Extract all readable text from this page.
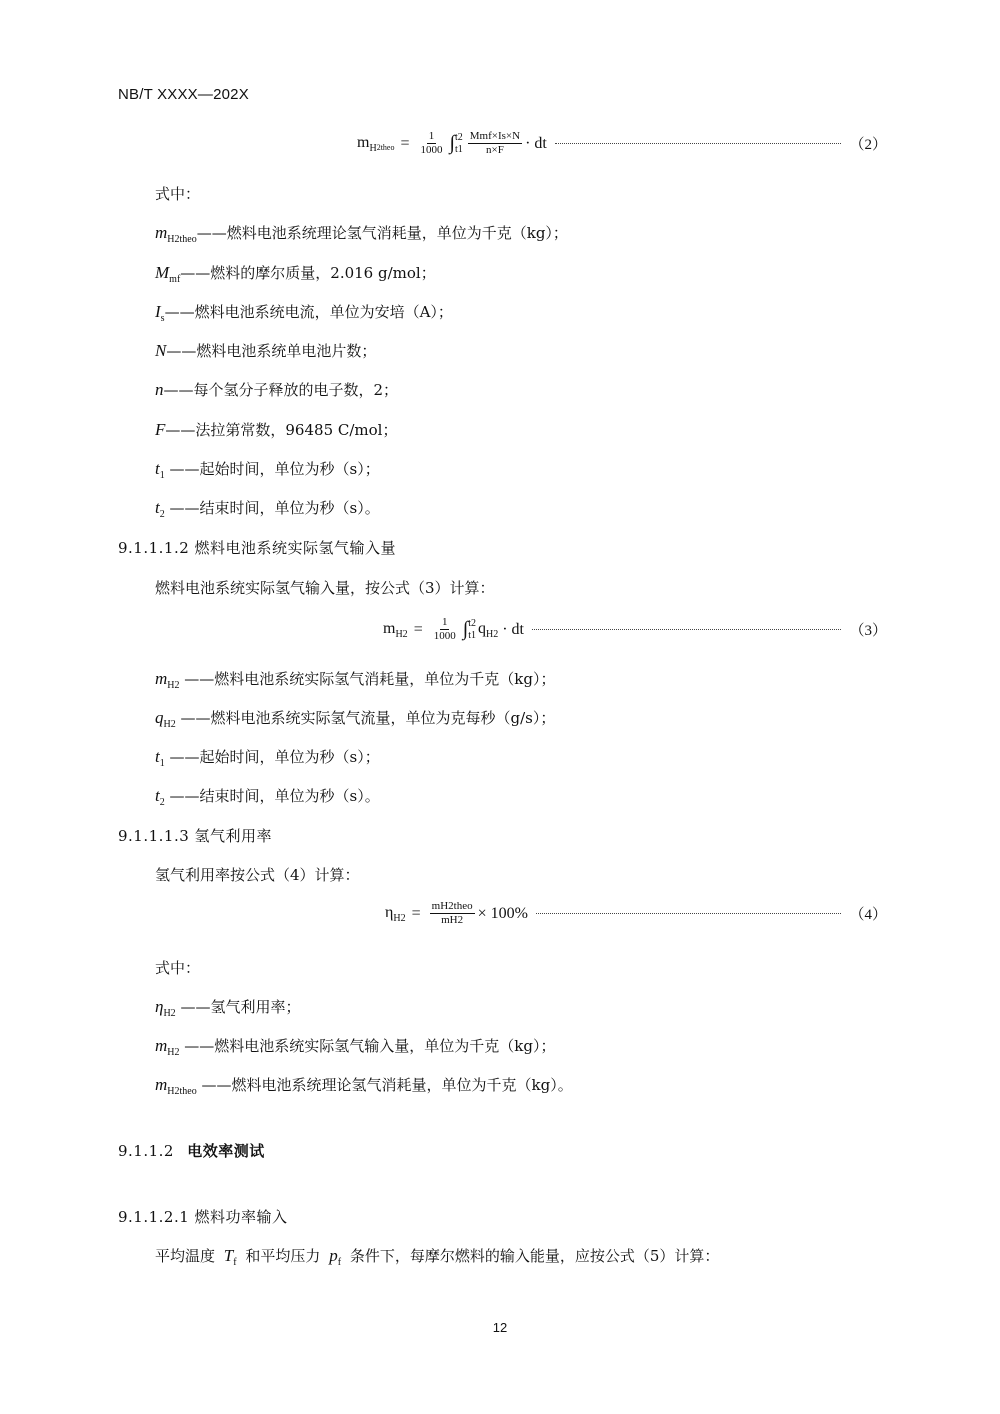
NB/T XXXX—202X
$m_H2theo = \frac{1}{1000}$ ∫ t2
$t1 \frac{\text{Mmf×Is×N}}{n\times F}$ · dt	（2）
式中：
$m_{H2theo}——$燃料电池系统理论氢气消耗量，单位为千克（kg）；
$M_{mf}——$燃料的摩尔质量，2.016 g/mol；
$I_s——$燃料电池系统电流，单位为安培（A）；
N——燃料电池系统单电池片数；
n——每个氢分子释放的电子数，2；
F——法拉第常数，96485 C/mol；
$t_1$ ——起始时间，单位为秒（s）；
$t_2$ ——结束时间，单位为秒（s）。
9.1.1.1.2 燃料电池系统实际氢气输入量
燃料电池系统实际氢气输入量，按公式（3）计算：
$m_{H2} = \frac{1}{1000}$ ∫ t2
t1 $q_{H2}$ · dt	（3）
$m_{H2}$ ——燃料电池系统实际氢气消耗量，单位为千克（kg）；
$q_{H2}$ ——燃料电池系统实际氢气流量，单位为克每秒（g/s）；
$t_1$ ——起始时间，单位为秒（s）；
$t_2$ ——结束时间，单位为秒（s）。
9.1.1.1.3 氢气利用率
氢气利用率按公式（4）计算：
$\eta_{H2} = \frac{\text{mH2theo}}{mH2} \times 100\%$	（4）
式中：
$\eta_{H2}$ ——氢气利用率；
$m_{H2}$ ——燃料电池系统实际氢气输入量，单位为千克（kg）；
$m_{H2theo}$ ——燃料电池系统理论氢气消耗量，单位为千克（kg）。
9.1.1.2 电效率测试
9.1.1.2.1 燃料功率输入
平均温度 $T_f$ 和平均压力 $p_f$ 条件下，每摩尔燃料的输入能量，应按公式（5）计算：
12
